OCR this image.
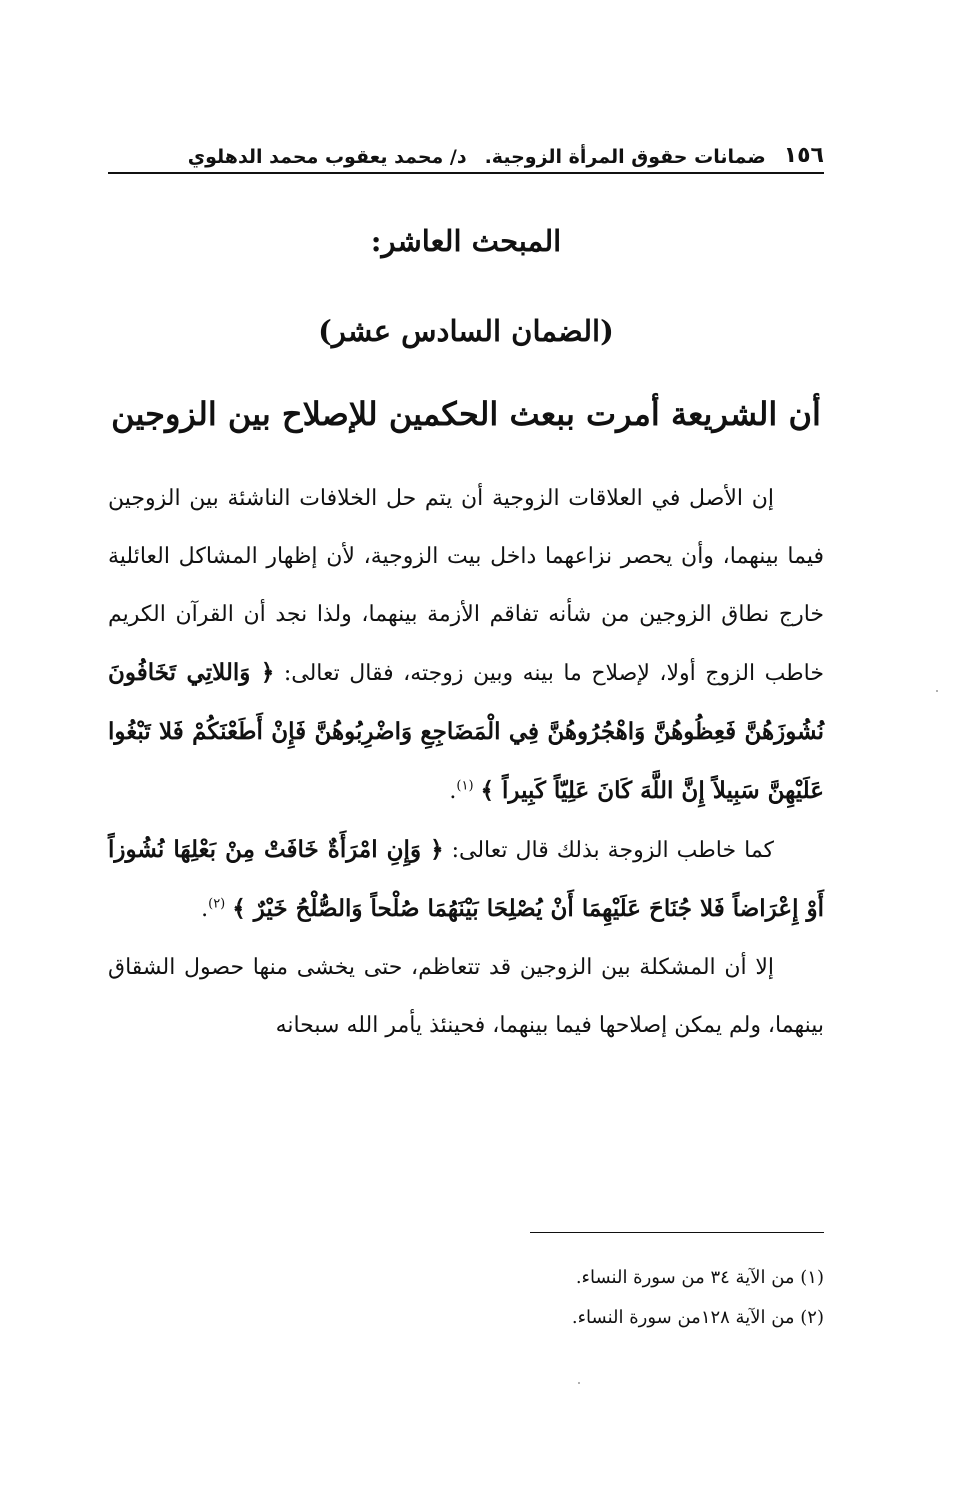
١٥٦
ضمانات حقوق المرأة الزوجية.
د/ محمد يعقوب محمد الدهلوي
المبحث العاشر:
(الضمان السادس عشر)
أن الشريعة أمرت ببعث الحكمين للإصلاح بين الزوجين

إن الأصل في العلاقات الزوجية أن يتم حل الخلافات الناشئة بين الزوجين فيما بينهما، وأن يحصر نزاعهما داخل بيت الزوجية، لأن إظهار المشاكل العائلية خارج نطاق الزوجين من شأنه تفاقم الأزمة بينهما، ولذا نجد أن القرآن الكريم خاطب الزوج أولا، لإصلاح ما بينه وبين زوجته، فقال تعالى: ﴿ وَاللاتِي تَخَافُونَ نُشُوزَهُنَّ فَعِظُوهُنَّ وَاهْجُرُوهُنَّ فِي الْمَضَاجِعِ وَاضْرِبُوهُنَّ فَإِنْ أَطَعْنَكُمْ فَلا تَبْغُوا عَلَيْهِنَّ سَبِيلاً إِنَّ اللَّهَ كَانَ عَلِيّاً كَبِيراً ﴾ $^{(١)}$.

كما خاطب الزوجة بذلك قال تعالى: ﴿ وَإِنِ امْرَأَةٌ خَافَتْ مِنْ بَعْلِهَا نُشُوزاً أَوْ إِعْرَاضاً فَلا جُنَاحَ عَلَيْهِمَا أَنْ يُصْلِحَا بَيْنَهُمَا صُلْحاً وَالصُّلْحُ خَيْرٌ ﴾ $^{(٢)}$.

إلا أن المشكلة بين الزوجين قد تتعاظم، حتى يخشى منها حصول الشقاق بينهما، ولم يمكن إصلاحها فيما بينهما، فحينئذ يأمر الله سبحانه

(١) من الآية ٣٤ من سورة النساء.
(٢) من الآية ١٢٨من سورة النساء.
